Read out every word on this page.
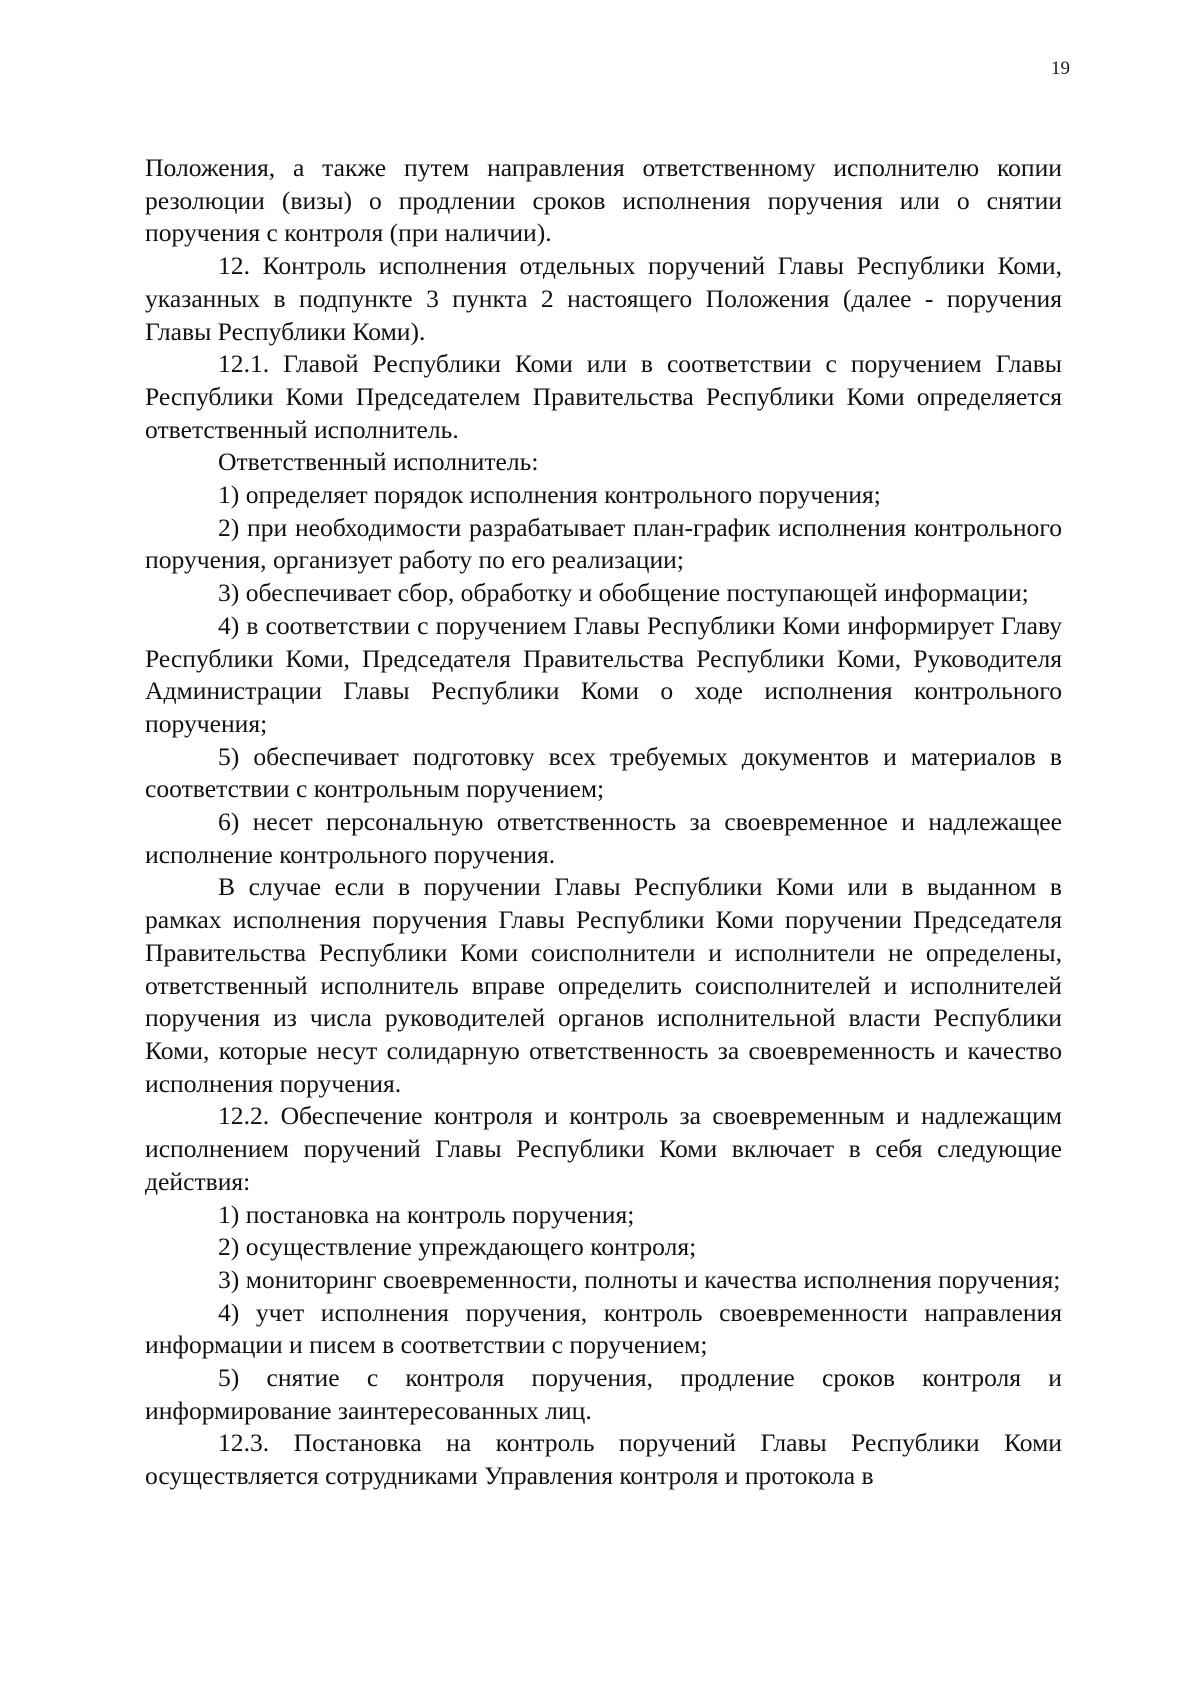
19

Положения, а также путем направления ответственному исполнителю копии резолюции (визы) о продлении сроков исполнения поручения или о снятии поручения с контроля (при наличии).

12. Контроль исполнения отдельных поручений Главы Республики Коми, указанных в подпункте 3 пункта 2 настоящего Положения (далее - поручения Главы Республики Коми).

12.1. Главой Республики Коми или в соответствии с поручением Главы Республики Коми Председателем Правительства Республики Коми определяется ответственный исполнитель.

Ответственный исполнитель:

1) определяет порядок исполнения контрольного поручения;

2) при необходимости разрабатывает план-график исполнения контрольного поручения, организует работу по его реализации;

3) обеспечивает сбор, обработку и обобщение поступающей информации;

4) в соответствии с поручением Главы Республики Коми информирует Главу Республики Коми, Председателя Правительства Республики Коми, Руководителя Администрации Главы Республики Коми о ходе исполнения контрольного поручения;

5) обеспечивает подготовку всех требуемых документов и материалов в соответствии с контрольным поручением;

6) несет персональную ответственность за своевременное и надлежащее исполнение контрольного поручения.

В случае если в поручении Главы Республики Коми или в выданном в рамках исполнения поручения Главы Республики Коми поручении Председателя Правительства Республики Коми соисполнители и исполнители не определены, ответственный исполнитель вправе определить соисполнителей и исполнителей поручения из числа руководителей органов исполнительной власти Республики Коми, которые несут солидарную ответственность за своевременность и качество исполнения поручения.

12.2. Обеспечение контроля и контроль за своевременным и надлежащим исполнением поручений Главы Республики Коми включает в себя следующие действия:

1) постановка на контроль поручения;

2) осуществление упреждающего контроля;

3) мониторинг своевременности, полноты и качества исполнения поручения;

4) учет исполнения поручения, контроль своевременности направления информации и писем в соответствии с поручением;

5) снятие с контроля поручения, продление сроков контроля и информирование заинтересованных лиц.

12.3. Постановка на контроль поручений Главы Республики Коми осуществляется сотрудниками Управления контроля и протокола в
